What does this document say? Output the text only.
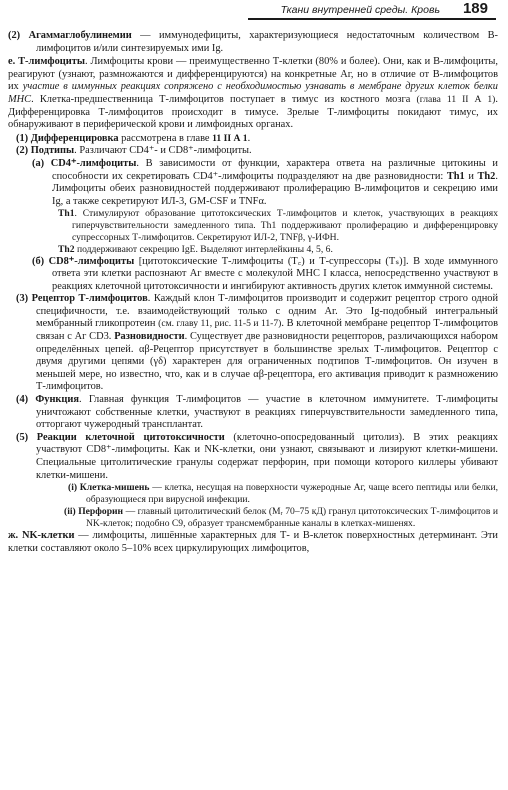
Ткани внутренней среды. Кровь 189

(2) Агаммаглобулинемии — иммунодефициты, характеризующиеся недостаточным количеством В-лимфоцитов и/или синтезируемых ими Ig.

е. Т-лимфоциты. Лимфоциты крови — преимущественно Т-клетки (80% и более). Они, как и В-лимфоциты, реагируют (узнают, размножаются и дифференцируются) на конкретные Аг, но в отличие от В-лимфоцитов их участие в иммунных реакциях сопряжено с необходимостью узнавать в мембране других клеток белки МНС. Клетка-предшественница Т-лимфоцитов поступает в тимус из костного мозга (глава 11 II А 1). Дифференцировка Т-лимфоцитов происходит в тимусе. Зрелые Т-лимфоциты покидают тимус, их обнаруживают в периферической крови и лимфоидных органах.

(1) Дифференцировка рассмотрена в главе 11 II А 1.

(2) Подтипы. Различают CD4⁺- и CD8⁺-лимфоциты.

(а) CD4⁺-лимфоциты. В зависимости от функции, характера ответа на различные цитокины и способности их секретировать CD4⁺-лимфоциты подразделяют на две разновидности: Th1 и Th2. Лимфоциты обеих разновидностей поддерживают пролиферацию В-лимфоцитов и секрецию ими Ig, а также секретируют ИЛ-3, GM-CSF и TNFα.

Th1. Стимулируют образование цитотоксических Т-лимфоцитов и клеток, участвующих в реакциях гиперчувствительности замедленного типа. Th1 поддерживают пролиферацию и дифференцировку супрессорных Т-лимфоцитов. Секретируют ИЛ-2, TNFβ, γ-ИФН.

Th2 поддерживают секрецию IgE. Выделяют интерлейкины 4, 5, 6.

(б) CD8⁺-лимфоциты [цитотоксические Т-лимфоциты (T꜀) и Т-супрессоры (Tₛ)]. В ходе иммунного ответа эти клетки распознают Аг вместе с молекулой МНС I класса, непосредственно участвуют в реакциях клеточной цитотоксичности и ингибируют активность других клеток иммунной системы.

(3) Рецептор Т-лимфоцитов. Каждый клон Т-лимфоцитов производит и содержит рецептор строго одной специфичности, т.е. взаимодействующий только с одним Аг. Это Ig-подобный интегральный мембранный гликопротеин (см. главу 11, рис. 11-5 и 11-7). В клеточной мембране рецептор Т-лимфоцитов связан с Аг CD3. Разновидности. Существует две разновидности рецепторов, различающихся набором определённых цепей. αβ-Рецептор присутствует в большинстве зрелых Т-лимфоцитов. Рецептор с двумя другими цепями (γδ) характерен для ограниченных подтипов Т-лимфоцитов. Он изучен в меньшей мере, но известно, что, как и в случае αβ-рецептора, его активация приводит к размножению Т-лимфоцитов.

(4) Функция. Главная функция Т-лимфоцитов — участие в клеточном иммунитете. Т-лимфоциты уничтожают собственные клетки, участвуют в реакциях гиперчувствительности замедленного типа, отторгают чужеродный трансплантат.

(5) Реакции клеточной цитотоксичности (клеточно-опосредованный цитолиз). В этих реакциях участвуют CD8⁺-лимфоциты. Как и NK-клетки, они узнают, связывают и лизируют клетки-мишени. Специальные цитолитические гранулы содержат перфорин, при помощи которого киллеры убивают клетки-мишени.

(i) Клетка-мишень — клетка, несущая на поверхности чужеродные Аг, чаще всего пептиды или белки, образующиеся при вирусной инфекции.

(ii) Перфорин — главный цитолитический белок (Mᵣ 70–75 кД) гранул цитотоксических Т-лимфоцитов и NK-клеток; подобно С9, образует трансмембранные каналы в клетках-мишенях.

ж. NK-клетки — лимфоциты, лишённые характерных для Т- и В-клеток поверхностных детерминант. Эти клетки составляют около 5–10% всех циркулирующих лимфоцитов,
